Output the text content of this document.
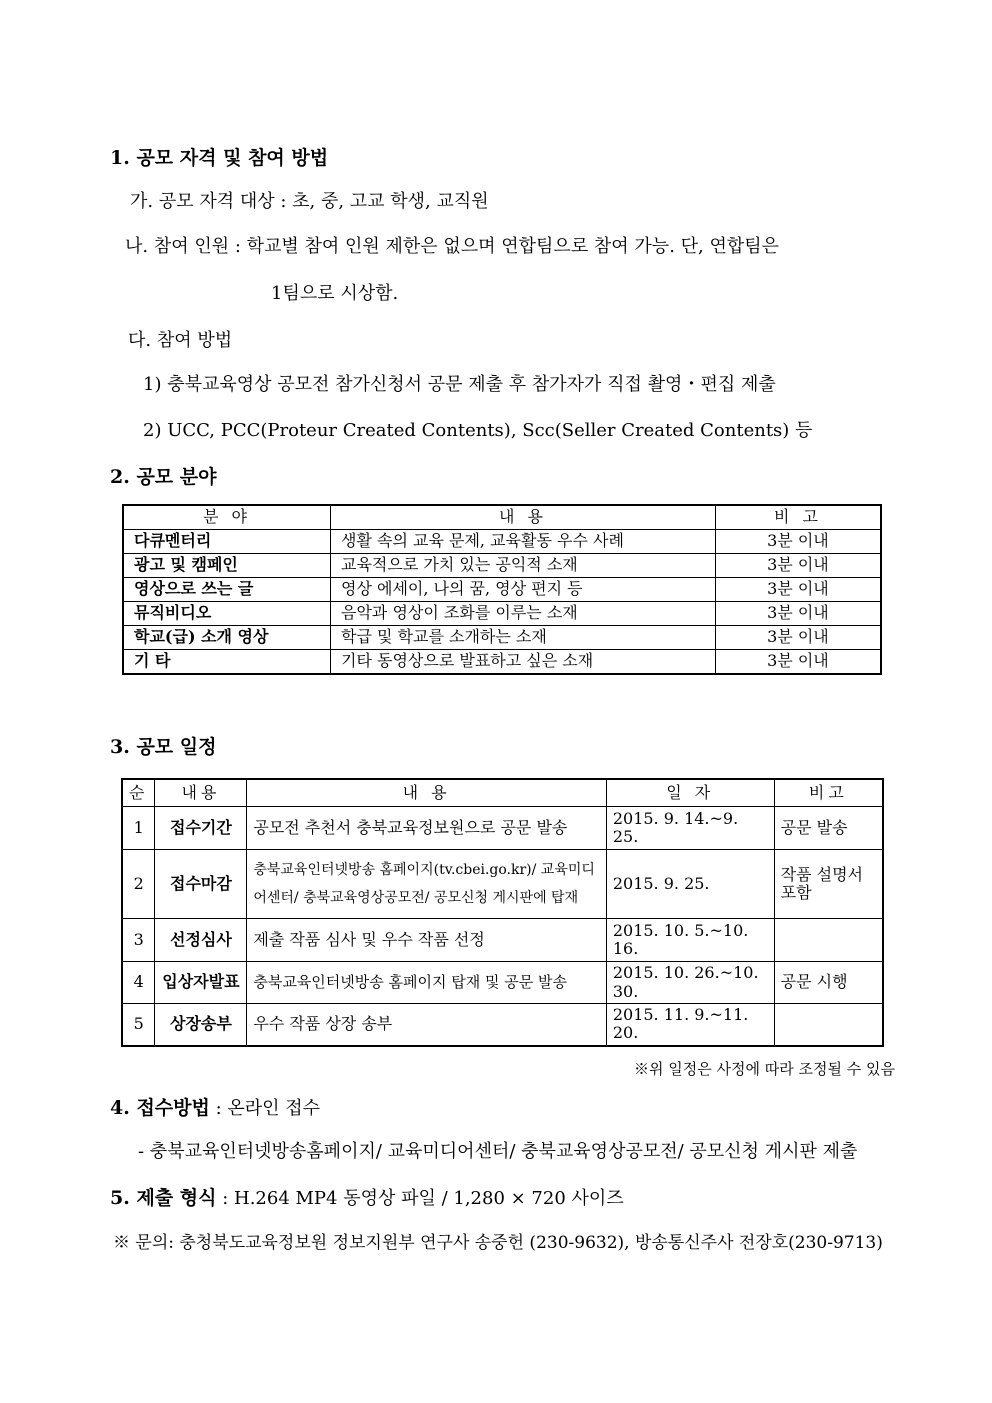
1. 공모 자격 및 참여 방법
가. 공모 자격 대상 : 초, 중, 고교 학생, 교직원
나. 참여 인원 : 학교별 참여 인원 제한은 없으며 연합팀으로 참여 가능. 단, 연합팀은
1팀으로 시상함.
다. 참여 방법
1) 충북교육영상 공모전 참가신청서 공문 제출 후 참가자가 직접 촬영・편집 제출
2) UCC, PCC(Proteur Created Contents), Scc(Seller Created Contents) 등
2. 공모 분야
분 야	내 용	비 고
다큐멘터리	생활 속의 교육 문제, 교육활동 우수 사례	3분 이내
광고 및 캠페인	교육적으로 가치 있는 공익적 소재	3분 이내
영상으로 쓰는 글	영상 에세이, 나의 꿈, 영상 편지 등	3분 이내
뮤직비디오	음악과 영상이 조화를 이루는 소재	3분 이내
학교(급) 소개 영상	학급 및 학교를 소개하는 소재	3분 이내
기 타	기타 동영상으로 발표하고 싶은 소재	3분 이내
3. 공모 일정
순	내용	내 용	일 자	비고
1	접수기간	공모전 추천서 충북교육정보원으로 공문 발송	2015. 9. 14.~9. 25.	공문 발송
2	접수마감	충북교육인터넷방송 홈페이지(tv.cbei.go.kr)/ 교육미디어센터/ 충북교육영상공모전/ 공모신청 게시판에 탑재	2015. 9. 25.	작품 설명서 포함
3	선정심사	제출 작품 심사 및 우수 작품 선정	2015. 10. 5.~10. 16.	
4	입상자발표	충북교육인터넷방송 홈페이지 탑재 및 공문 발송	2015. 10. 26.~10. 30.	공문 시행
5	상장송부	우수 작품 상장 송부	2015. 11. 9.~11. 20.	
※위 일정은 사정에 따라 조정될 수 있음
4. 접수방법 : 온라인 접수
- 충북교육인터넷방송홈페이지/ 교육미디어센터/ 충북교육영상공모전/ 공모신청 게시판 제출
5. 제출 형식 : H.264 MP4 동영상 파일 / 1,280 × 720 사이즈
※ 문의: 충청북도교육정보원 정보지원부 연구사 송중헌 (230-9632), 방송통신주사 전장호(230-9713)
